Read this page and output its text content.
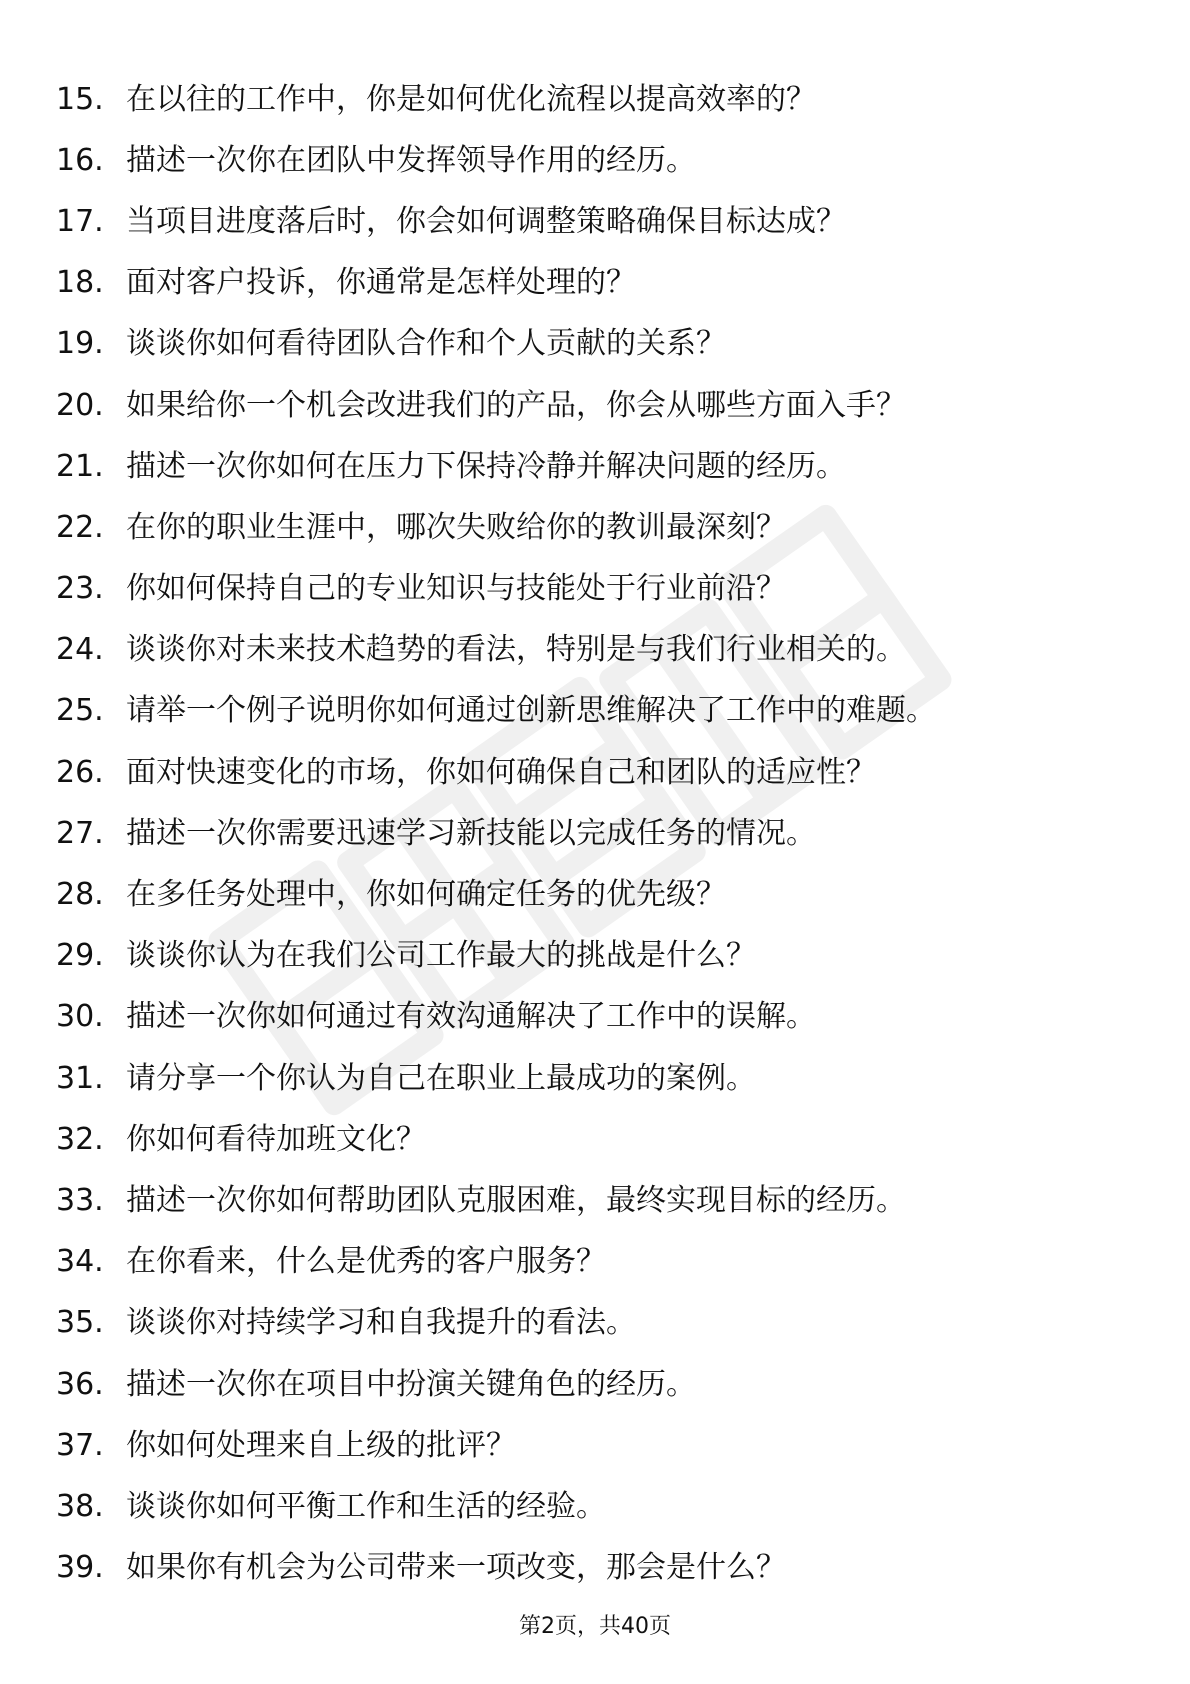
15. 在以往的工作中，你是如何优化流程以提高效率的？
16. 描述一次你在团队中发挥领导作用的经历。
17. 当项目进度落后时，你会如何调整策略确保目标达成？
18. 面对客户投诉，你通常是怎样处理的？
19. 谈谈你如何看待团队合作和个人贡献的关系？
20. 如果给你一个机会改进我们的产品，你会从哪些方面入手？
21. 描述一次你如何在压力下保持冷静并解决问题的经历。
22. 在你的职业生涯中，哪次失败给你的教训最深刻？
23. 你如何保持自己的专业知识与技能处于行业前沿？
24. 谈谈你对未来技术趋势的看法，特别是与我们行业相关的。
25. 请举一个例子说明你如何通过创新思维解决了工作中的难题。
26. 面对快速变化的市场，你如何确保自己和团队的适应性？
27. 描述一次你需要迅速学习新技能以完成任务的情况。
28. 在多任务处理中，你如何确定任务的优先级？
29. 谈谈你认为在我们公司工作最大的挑战是什么？
30. 描述一次你如何通过有效沟通解决了工作中的误解。
31. 请分享一个你认为自己在职业上最成功的案例。
32. 你如何看待加班文化？
33. 描述一次你如何帮助团队克服困难，最终实现目标的经历。
34. 在你看来，什么是优秀的客户服务？
35. 谈谈你对持续学习和自我提升的看法。
36. 描述一次你在项目中扮演关键角色的经历。
37. 你如何处理来自上级的批评？
38. 谈谈你如何平衡工作和生活的经验。
39. 如果你有机会为公司带来一项改变，那会是什么？
第2页，共40页
